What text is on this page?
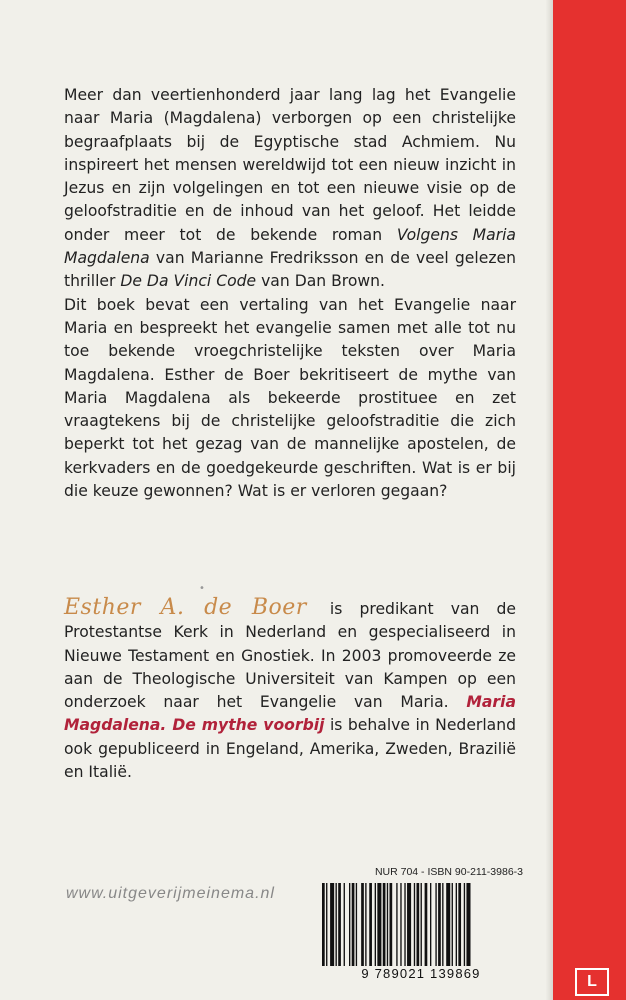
Meer dan veertienhonderd jaar lang lag het Evangelie naar Maria (Magdalena) verborgen op een christelijke begraafplaats bij de Egyptische stad Achmiem. Nu inspireert het mensen wereldwijd tot een nieuw inzicht in Jezus en zijn volgelingen en tot een nieuwe visie op de geloofstraditie en de inhoud van het geloof. Het leidde onder meer tot de bekende roman Volgens Maria Magdalena van Marianne Fredriksson en de veel gelezen thriller De Da Vinci Code van Dan Brown.

Dit boek bevat een vertaling van het Evangelie naar Maria en bespreekt het evangelie samen met alle tot nu toe bekende vroegchristelijke teksten over Maria Magdalena. Esther de Boer bekritiseert de mythe van Maria Magdalena als bekeerde prostituee en zet vraagtekens bij de christelijke geloofstraditie die zich beperkt tot het gezag van de mannelijke apostelen, de kerkvaders en de goedgekeurde geschriften. Wat is er bij die keuze gewonnen? Wat is er verloren gegaan?

•

Esther A. de Boer is predikant van de Protestantse Kerk in Nederland en gespecialiseerd in Nieuwe Testament en Gnostiek. In 2003 promoveerde ze aan de Theologische Universiteit van Kampen op een onderzoek naar het Evangelie van Maria. Maria Magdalena. De mythe voorbij is behalve in Nederland ook gepubliceerd in Engeland, Amerika, Zweden, Brazilië en Italië.

NUR 704 - ISBN 90-211-3986-3
9 789021 139869
www.uitgeverijmeinema.nl
L
